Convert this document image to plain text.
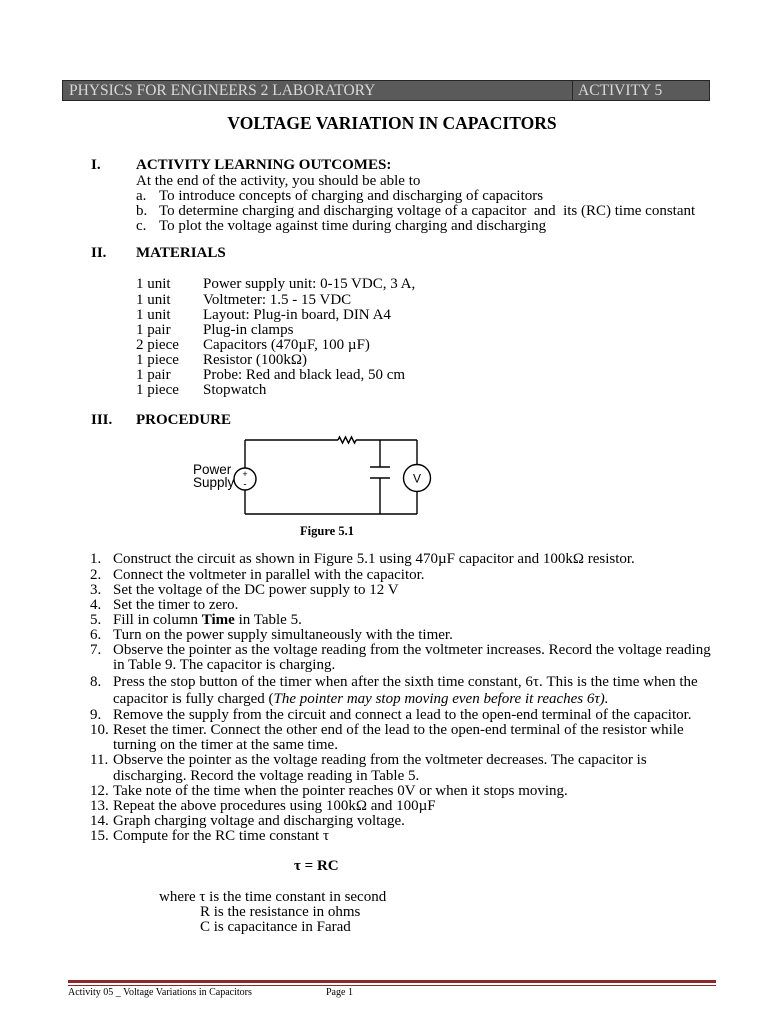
PHYSICS FOR ENGINEERS 2 LABORATORY	ACTIVITY 5
VOLTAGE VARIATION IN CAPACITORS
I.	ACTIVITY LEARNING OUTCOMES:
At the end of the activity, you should be able to
a. To introduce concepts of charging and discharging of capacitors
b. To determine charging and discharging voltage of a capacitor  and  its (RC) time constant
c. To plot the voltage against time during charging and discharging
II.	MATERIALS
1 unit	Power supply unit: 0-15 VDC, 3 A,
1 unit	Voltmeter: 1.5 - 15 VDC
1 unit	Layout: Plug-in board, DIN A4
1 pair	Plug-in clamps
2 piece	Capacitors (470µF, 100 µF)
1 piece	Resistor (100kΩ)
1 pair	Probe: Red and black lead, 50 cm
1 piece	Stopwatch
III.	PROCEDURE
Power
Supply
+
-	V
Figure 5.1
1. Construct the circuit as shown in Figure 5.1 using 470µF capacitor and 100kΩ resistor.
2. Connect the voltmeter in parallel with the capacitor.
3. Set the voltage of the DC power supply to 12 V
4. Set the timer to zero.
5. Fill in column Time in Table 5.
6. Turn on the power supply simultaneously with the timer.
7. Observe the pointer as the voltage reading from the voltmeter increases. Record the voltage reading
in Table 9. The capacitor is charging.
8. Press the stop button of the timer when after the sixth time constant, 6τ. This is the time when the
capacitor is fully charged (The pointer may stop moving even before it reaches 6τ).
9. Remove the supply from the circuit and connect a lead to the open-end terminal of the capacitor.
10. Reset the timer. Connect the other end of the lead to the open-end terminal of the resistor while
turning on the timer at the same time.
11. Observe the pointer as the voltage reading from the voltmeter decreases. The capacitor is
discharging. Record the voltage reading in Table 5.
12. Take note of the time when the pointer reaches 0V or when it stops moving.
13. Repeat the above procedures using 100kΩ and 100µF
14. Graph charging voltage and discharging voltage.
15. Compute for the RC time constant τ
τ = RC
where τ is the time constant in second
R is the resistance in ohms
C is capacitance in Farad
Activity 05 _ Voltage Variations in Capacitors	Page 1
